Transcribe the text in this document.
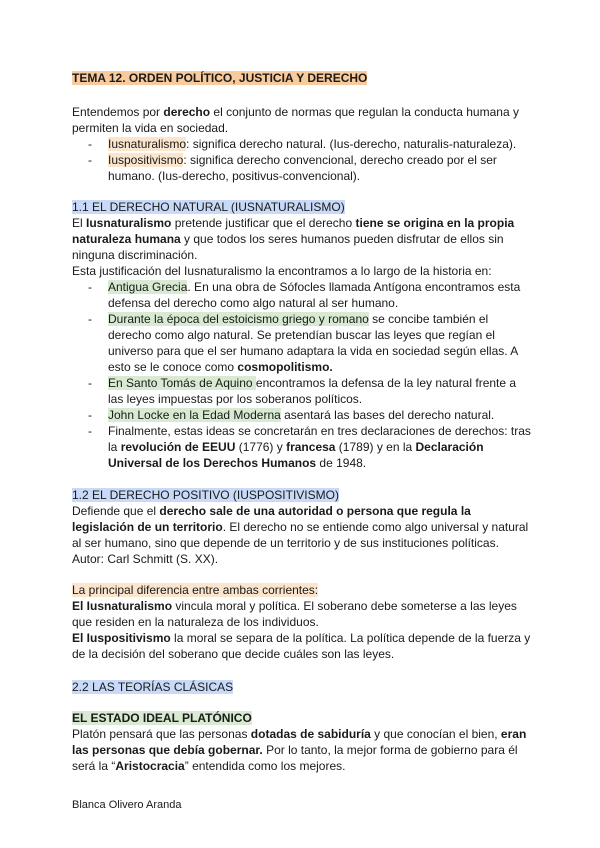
TEMA 12. ORDEN POLÍTICO, JUSTICIA Y DERECHO

Entendemos por derecho el conjunto de normas que regulan la conducta humana y permiten la vida en sociedad.

- Iusnaturalismo: significa derecho natural. (Ius-derecho, naturalis-naturaleza).
- Iuspositivismo: significa derecho convencional, derecho creado por el ser humano. (Ius-derecho, positivus-convencional).

1.1 EL DERECHO NATURAL (IUSNATURALISMO)

El Iusnaturalismo pretende justificar que el derecho tiene se origina en la propia naturaleza humana y que todos los seres humanos pueden disfrutar de ellos sin ninguna discriminación.

Esta justificación del Iusnaturalismo la encontramos a lo largo de la historia en:

- Antigua Grecia. En una obra de Sófocles llamada Antígona encontramos esta defensa del derecho como algo natural al ser humano.
- Durante la época del estoicismo griego y romano se concibe también el derecho como algo natural. Se pretendían buscar las leyes que regían el universo para que el ser humano adaptara la vida en sociedad según ellas. A esto se le conoce como cosmopolitismo.
- En Santo Tomás de Aquino encontramos la defensa de la ley natural frente a las leyes impuestas por los soberanos políticos.
- John Locke en la Edad Moderna asentará las bases del derecho natural.
- Finalmente, estas ideas se concretarán en tres declaraciones de derechos: tras la revolución de EEUU (1776) y francesa (1789) y en la Declaración Universal de los Derechos Humanos de 1948.

1.2 EL DERECHO POSITIVO (IUSPOSITIVISMO)

Defiende que el derecho sale de una autoridad o persona que regula la legislación de un territorio. El derecho no se entiende como algo universal y natural al ser humano, sino que depende de un territorio y de sus instituciones políticas. Autor: Carl Schmitt (S. XX).

La principal diferencia entre ambas corrientes:

El Iusnaturalismo vincula moral y política. El soberano debe someterse a las leyes que residen en la naturaleza de los individuos.

El Iuspositivismo la moral se separa de la política. La política depende de la fuerza y de la decisión del soberano que decide cuáles son las leyes.

2.2 LAS TEORÍAS CLÁSICAS

EL ESTADO IDEAL PLATÓNICO

Platón pensará que las personas dotadas de sabiduría y que conocían el bien, eran las personas que debía gobernar. Por lo tanto, la mejor forma de gobierno para él será la “Aristocracia” entendida como los mejores.

Blanca Olivero Aranda
